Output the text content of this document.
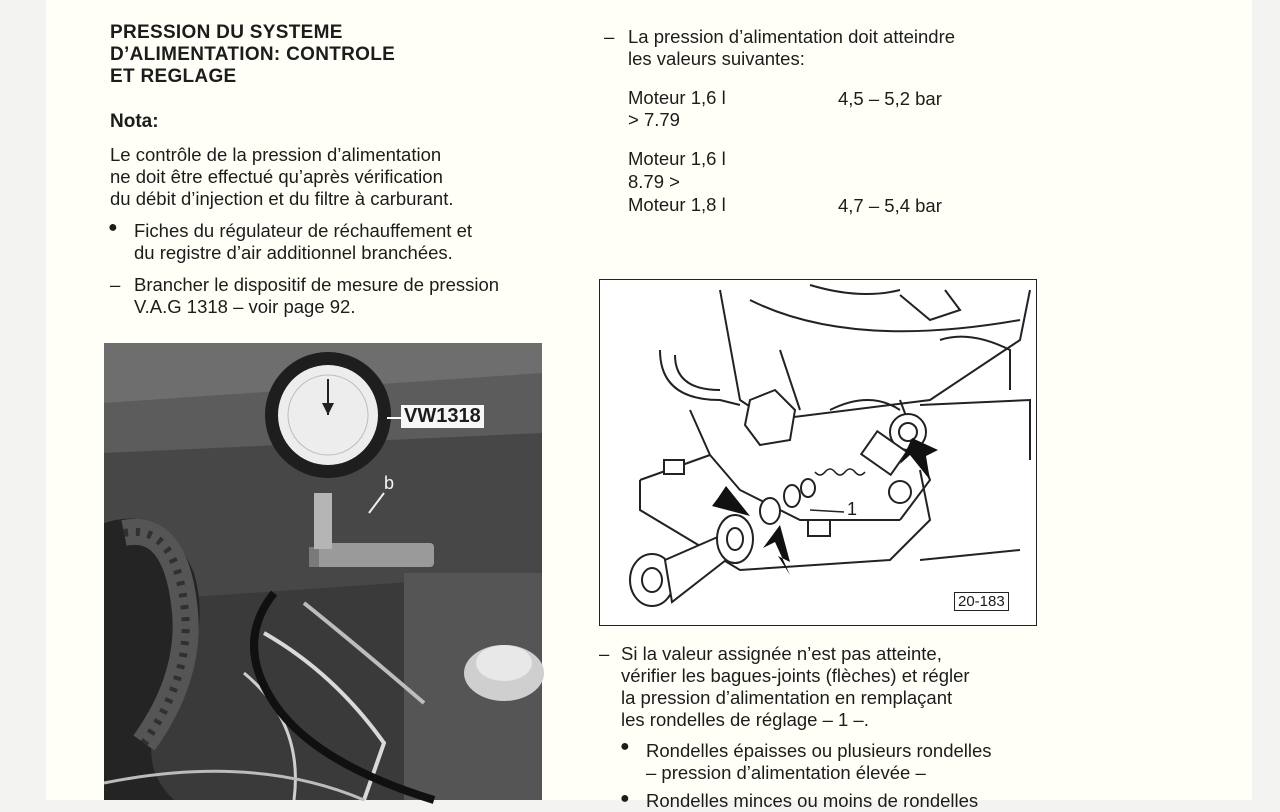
PRESSION DU SYSTEME
D’ALIMENTATION: CONTROLE
ET REGLAGE
Nota:
Le contrôle de la pression d’alimentation
ne doit être effectué qu’après vérification
du débit d’injection et du filtre à carburant.
● Fiches du régulateur de réchauffement et
du registre d’air additionnel branchées.
– Brancher le dispositif de mesure de pression
V.A.G 1318 – voir page 92.
VW1318
b
– La pression d’alimentation doit atteindre
les valeurs suivantes:
Moteur 1,6 l	4,5 – 5,2 bar
> 7.79
Moteur 1,6 l
8.79 >
Moteur 1,8 l	4,7 – 5,4 bar
1
20-183
– Si la valeur assignée n’est pas atteinte,
vérifier les bagues-joints (flèches) et régler
la pression d’alimentation en remplaçant
les rondelles de réglage – 1 –.
● Rondelles épaisses ou plusieurs rondelles
– pression d’alimentation élevée –
● Rondelles minces ou moins de rondelles
